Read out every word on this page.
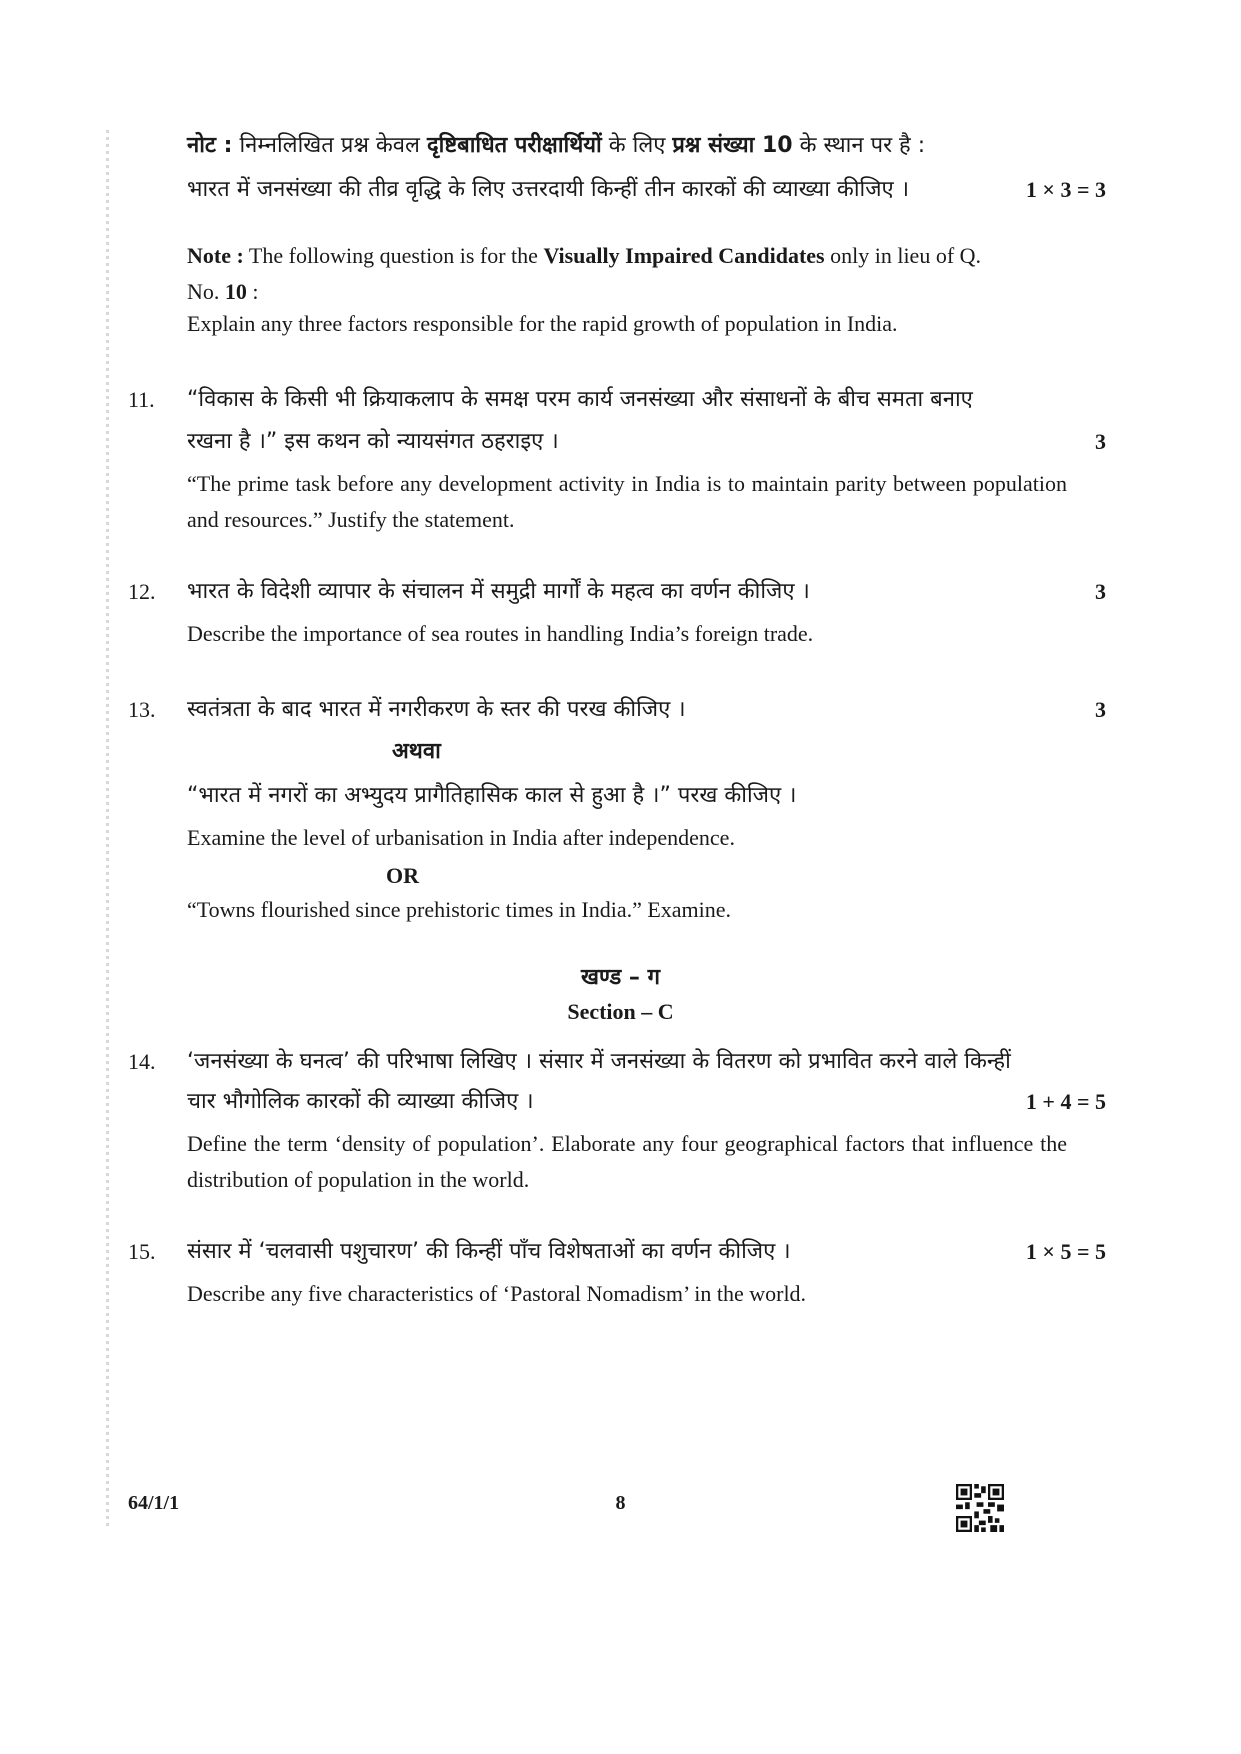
नोट : निम्नलिखित प्रश्न केवल दृष्टिबाधित परीक्षार्थियों के लिए प्रश्न संख्या 10 के स्थान पर है :
भारत में जनसंख्या की तीव्र वृद्धि के लिए उत्तरदायी किन्हीं तीन कारकों की व्याख्या कीजिए ।	1 × 3 = 3
Note : The following question is for the Visually Impaired Candidates only in lieu of Q. No. 10 :
Explain any three factors responsible for the rapid growth of population in India.
11. “विकास के किसी भी क्रियाकलाप के समक्ष परम कार्य जनसंख्या और संसाधनों के बीच समता बनाए
रखना है ।” इस कथन को न्यायसंगत ठहराइए ।	3
“The prime task before any development activity in India is to maintain parity between population and resources.” Justify the statement.
12. भारत के विदेशी व्यापार के संचालन में समुद्री मार्गों के महत्व का वर्णन कीजिए ।	3
Describe the importance of sea routes in handling India’s foreign trade.
13. स्वतंत्रता के बाद भारत में नगरीकरण के स्तर की परख कीजिए ।	3
अथवा
“भारत में नगरों का अभ्युदय प्रागैतिहासिक काल से हुआ है ।” परख कीजिए ।
Examine the level of urbanisation in India after independence.
OR
“Towns flourished since prehistoric times in India.” Examine.
खण्ड – ग
Section – C
14. ‘जनसंख्या के घनत्व’ की परिभाषा लिखिए । संसार में जनसंख्या के वितरण को प्रभावित करने वाले किन्हीं
चार भौगोलिक कारकों की व्याख्या कीजिए ।	1 + 4 = 5
Define the term ‘density of population’. Elaborate any four geographical factors that influence the distribution of population in the world.
15. संसार में ‘चलवासी पशुचारण’ की किन्हीं पाँच विशेषताओं का वर्णन कीजिए ।	1 × 5 = 5
Describe any five characteristics of ‘Pastoral Nomadism’ in the world.
64/1/1	8
